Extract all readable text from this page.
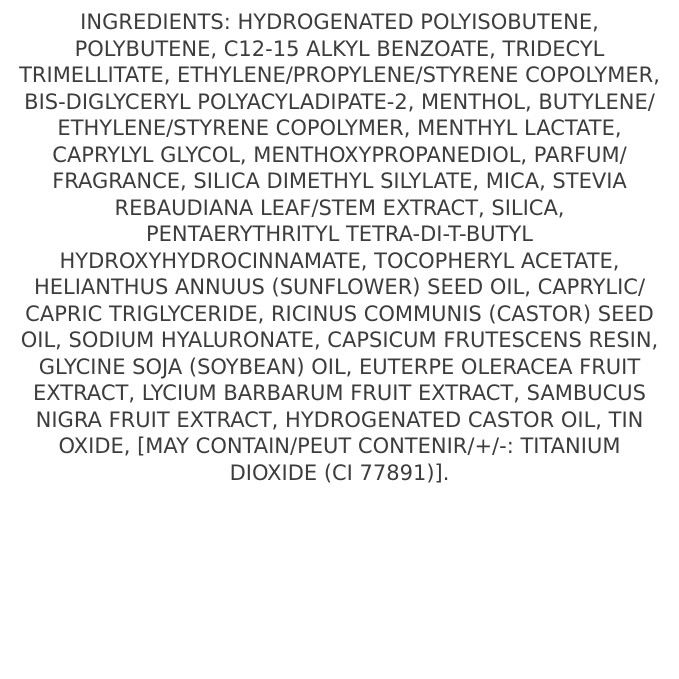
INGREDIENTS: HYDROGENATED POLYISOBUTENE,
POLYBUTENE, C12-15 ALKYL BENZOATE, TRIDECYL
TRIMELLITATE, ETHYLENE/PROPYLENE/STYRENE COPOLYMER,
BIS-DIGLYCERYL POLYACYLADIPATE-2, MENTHOL, BUTYLENE/
ETHYLENE/STYRENE COPOLYMER, MENTHYL LACTATE,
CAPRYLYL GLYCOL, MENTHOXYPROPANEDIOL, PARFUM/
FRAGRANCE, SILICA DIMETHYL SILYLATE, MICA, STEVIA
REBAUDIANA LEAF/STEM EXTRACT, SILICA,
PENTAERYTHRITYL TETRA-DI-T-BUTYL
HYDROXYHYDROCINNAMATE, TOCOPHERYL ACETATE,
HELIANTHUS ANNUUS (SUNFLOWER) SEED OIL, CAPRYLIC/
CAPRIC TRIGLYCERIDE, RICINUS COMMUNIS (CASTOR) SEED
OIL, SODIUM HYALURONATE, CAPSICUM FRUTESCENS RESIN,
GLYCINE SOJA (SOYBEAN) OIL, EUTERPE OLERACEA FRUIT
EXTRACT, LYCIUM BARBARUM FRUIT EXTRACT, SAMBUCUS
NIGRA FRUIT EXTRACT, HYDROGENATED CASTOR OIL, TIN
OXIDE, [MAY CONTAIN/PEUT CONTENIR/+/-: TITANIUM
DIOXIDE (CI 77891)].
